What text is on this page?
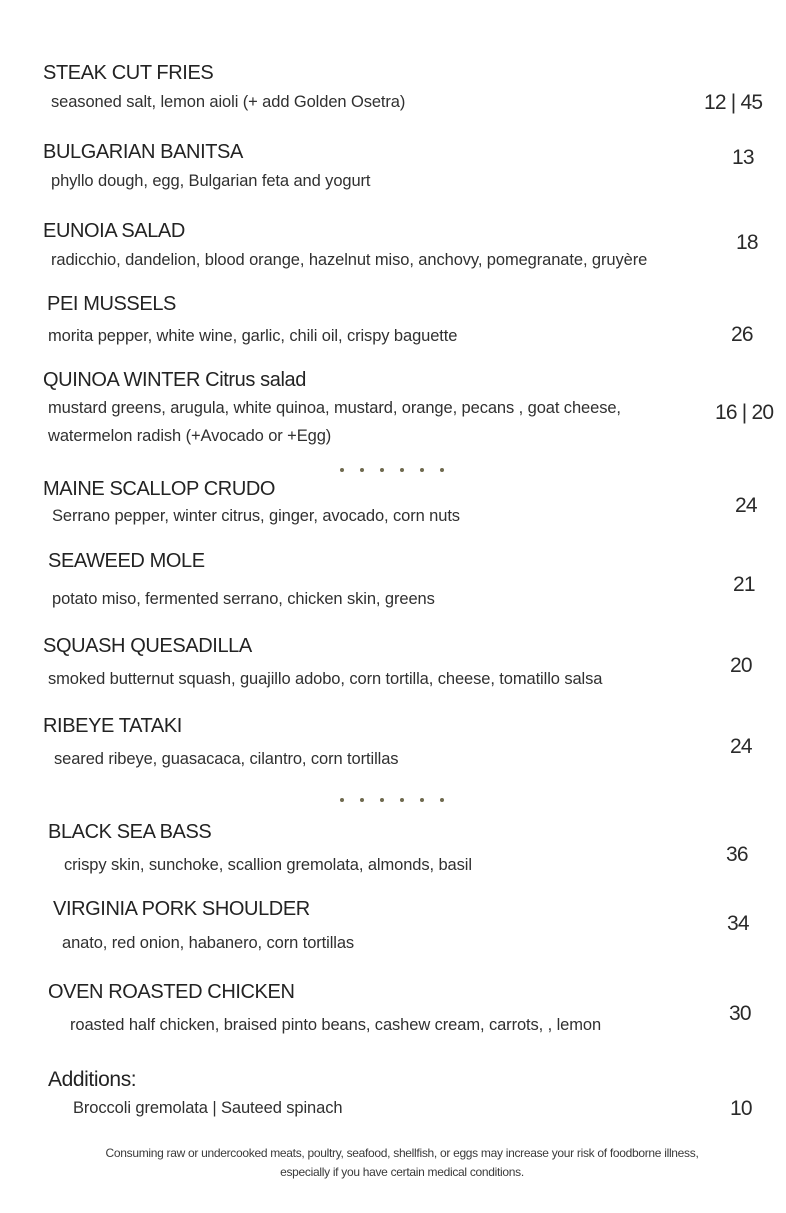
STEAK CUT FRIES
seasoned salt, lemon aioli (+ add Golden Osetra)	12 | 45
BULGARIAN BANITSA
phyllo dough, egg, Bulgarian feta and yogurt
13
EUNOIA SALAD
radicchio, dandelion, blood orange, hazelnut miso, anchovy, pomegranate, gruyère
18
PEI MUSSELS
morita pepper, white wine, garlic, chili oil, crispy baguette	26
QUINOA WINTER Citrus salad
mustard greens, arugula, white quinoa, mustard, orange, pecans , goat cheese,
watermelon radish (+Avocado or +Egg)
16 | 20
MAINE SCALLOP CRUDO
Serrano pepper, winter citrus, ginger, avocado, corn nuts	24
SEAWEED MOLE
potato miso, fermented serrano, chicken skin, greens
21
SQUASH QUESADILLA
smoked butternut squash, guajillo adobo, corn tortilla, cheese, tomatillo salsa
20
RIBEYE TATAKI
seared ribeye, guasacaca, cilantro, corn tortillas
24
BLACK SEA BASS
crispy skin, sunchoke, scallion gremolata, almonds, basil	36
VIRGINIA PORK SHOULDER
anato, red onion, habanero, corn tortillas
34
OVEN ROASTED CHICKEN
roasted half chicken, braised pinto beans, cashew cream, carrots, , lemon	30
Additions:
Broccoli gremolata | Sauteed spinach	10
Consuming raw or undercooked meats, poultry, seafood, shellfish, or eggs may increase your risk of foodborne illness,
especially if you have certain medical conditions.
